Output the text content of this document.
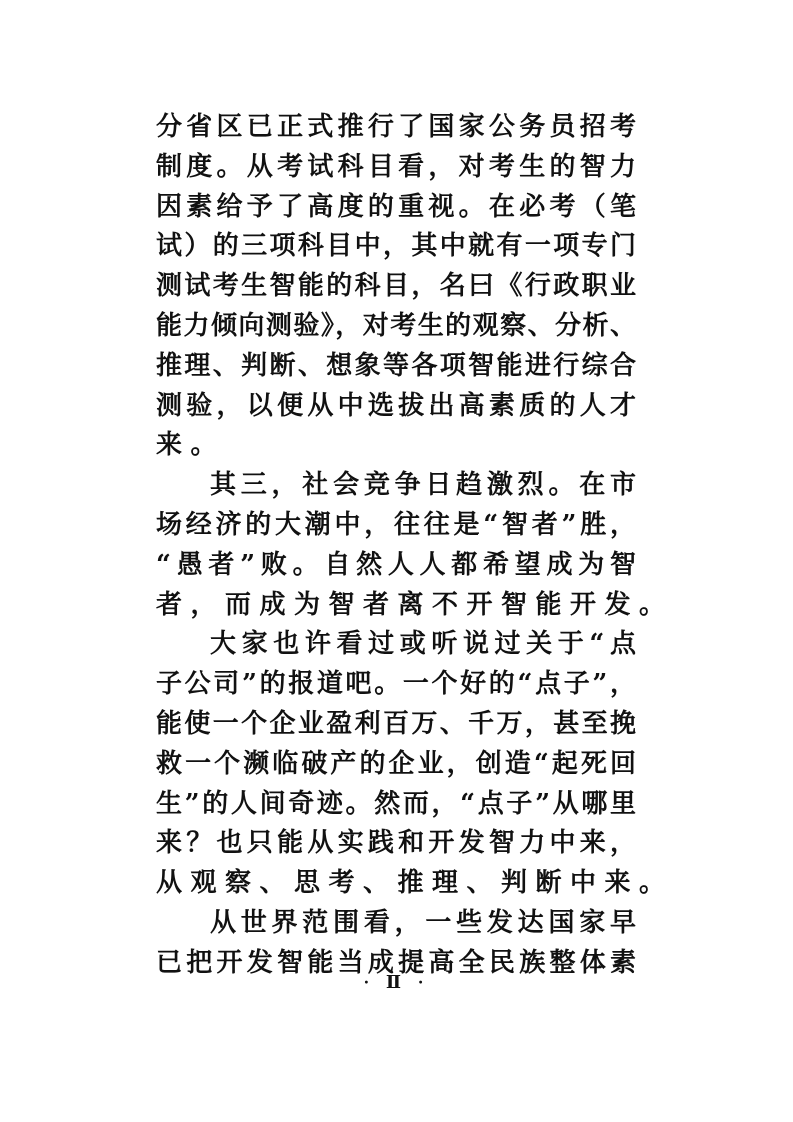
分省区已正式推行了国家公务员招考
制度。从考试科目看，对考生的智力
因素给予了高度的重视。在必考（笔
试）的三项科目中，其中就有一项专门
测试考生智能的科目，名曰《行政职业
能力倾向测验》，对考生的观察、分析、
推理、判断、想象等各项智能进行综合
测验，以便从中选拔出高素质的人才
来。
其三，社会竞争日趋激烈。在市
场经济的大潮中，往往是“智者”胜，
“愚者”败。自然人人都希望成为智
者，而成为智者离不开智能开发。
大家也许看过或听说过关于“点
子公司”的报道吧。一个好的“点子”，
能使一个企业盈利百万、千万，甚至挽
救一个濒临破产的企业，创造“起死回
生”的人间奇迹。然而，“点子”从哪里
来？也只能从实践和开发智力中来，
从观察、思考、推理、判断中来。
从世界范围看，一些发达国家早
已把开发智能当成提高全民族整体素
· Ⅱ ·
